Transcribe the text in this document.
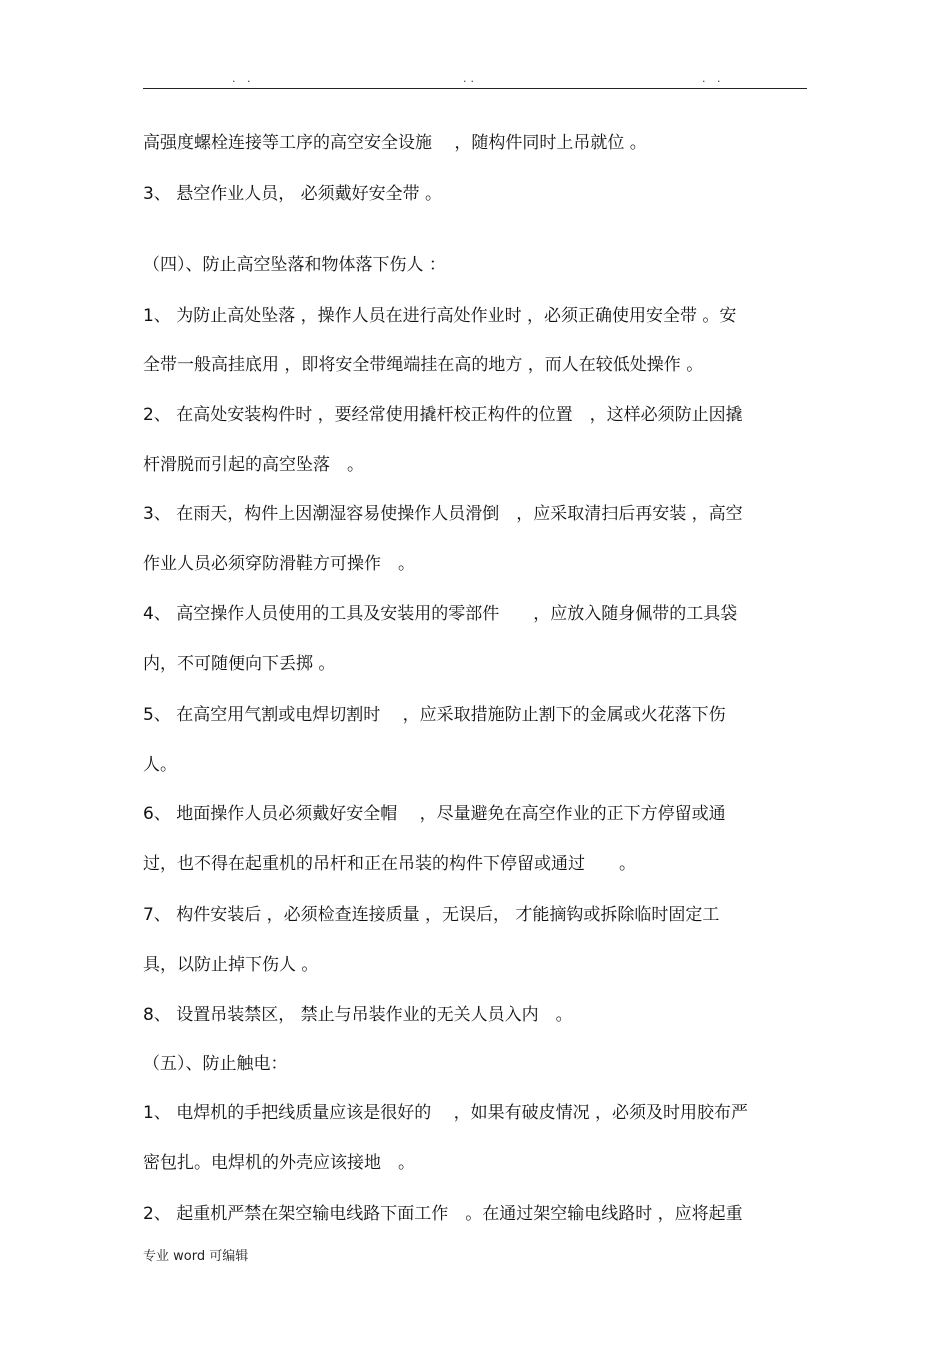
. .	..	. .
高强度螺栓连接等工序的高空安全设施　 ，随构件同时上吊就位 。
3、 悬空作业人员， 必须戴好安全带 。
（四）、防止高空坠落和物体落下伤人 ：
1、 为防止高处坠落 ，操作人员在进行高处作业时 ，必须正确使用安全带 。安
全带一般高挂底用 ，即将安全带绳端挂在高的地方 ，而人在较低处操作 。
2、 在高处安装构件时 ，要经常使用撬杆校正构件的位置　，这样必须防止因撬
杆滑脱而引起的高空坠落　。
3、 在雨天，构件上因潮湿容易使操作人员滑倒　，应采取清扫后再安装 ，高空
作业人员必须穿防滑鞋方可操作　。
4、 高空操作人员使用的工具及安装用的零部件　　，应放入随身佩带的工具袋
内，不可随便向下丢掷 。
5、 在高空用气割或电焊切割时　 ，应采取措施防止割下的金属或火花落下伤
人。
6、 地面操作人员必须戴好安全帽　 ，尽量避免在高空作业的正下方停留或通
过，也不得在起重机的吊杆和正在吊装的构件下停留或通过　　。
7、 构件安装后 ，必须检查连接质量 ，无误后， 才能摘钩或拆除临时固定工
具，以防止掉下伤人 。
8、 设置吊装禁区， 禁止与吊装作业的无关人员入内　。
（五）、防止触电：
1、 电焊机的手把线质量应该是很好的　 ，如果有破皮情况 ，必须及时用胶布严
密包扎。电焊机的外壳应该接地　。
2、 起重机严禁在架空输电线路下面工作　。在通过架空输电线路时 ，应将起重
专业 word 可编辑
